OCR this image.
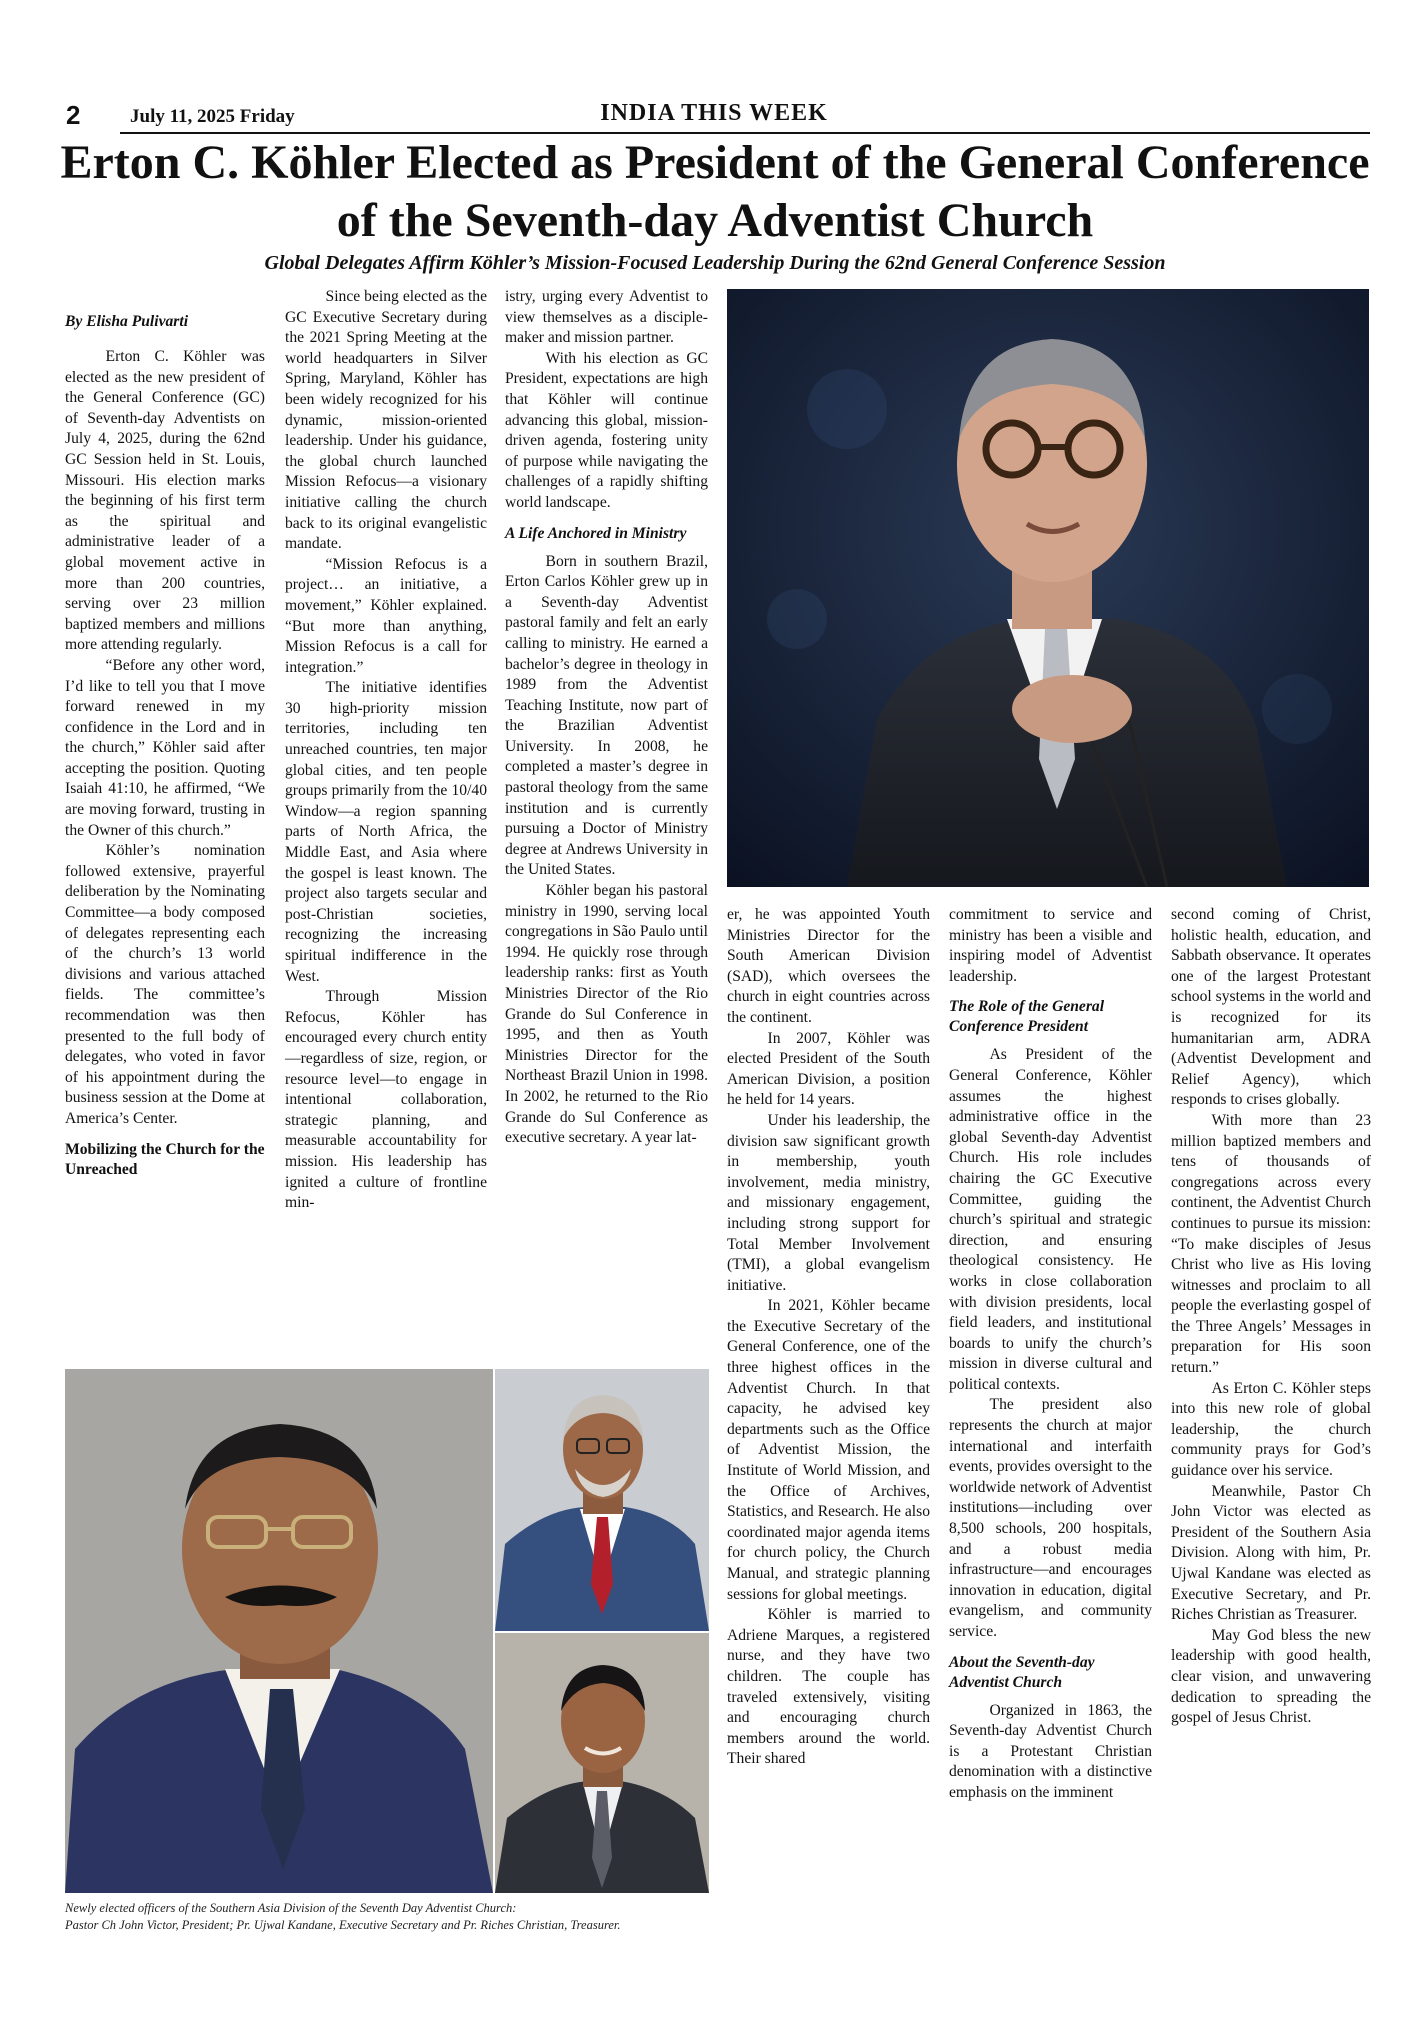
2	July 11, 2025 Friday	INDIA THIS WEEK
Erton C. Köhler Elected as President of the General Conference of the Seventh-day Adventist Church
Global Delegates Affirm Köhler’s Mission-Focused Leadership During the 62nd General Conference Session

By Elisha Pulivarti

Erton C. Köhler was elected as the new president of the General Conference (GC) of Seventh-day Adventists on July 4, 2025, during the 62nd GC Session held in St. Louis, Missouri. His election marks the beginning of his first term as the spiritual and administrative leader of a global movement active in more than 200 countries, serving over 23 million baptized members and millions more attending regularly.

“Before any other word, I’d like to tell you that I move forward renewed in my confidence in the Lord and in the church,” Köhler said after accepting the position. Quoting Isaiah 41:10, he affirmed, “We are moving forward, trusting in the Owner of this church.”

Köhler’s nomination followed extensive, prayerful deliberation by the Nominating Committee—a body composed of delegates representing each of the church’s 13 world divisions and various attached fields. The committee’s recommendation was then presented to the full body of delegates, who voted in favor of his appointment during the business session at the Dome at America’s Center.

Mobilizing the Church for the Unreached

Since being elected as the GC Executive Secretary during the 2021 Spring Meeting at the world headquarters in Silver Spring, Maryland, Köhler has been widely recognized for his dynamic, mission-oriented leadership. Under his guidance, the global church launched Mission Refocus—a visionary initiative calling the church back to its original evangelistic mandate.

“Mission Refocus is a project… an initiative, a movement,” Köhler explained. “But more than anything, Mission Refocus is a call for integration.”

The initiative identifies 30 high-priority mission territories, including ten unreached countries, ten major global cities, and ten people groups primarily from the 10/40 Window—a region spanning parts of North Africa, the Middle East, and Asia where the gospel is least known. The project also targets secular and post-Christian societies, recognizing the increasing spiritual indifference in the West.

Through Mission Refocus, Köhler has encouraged every church entity—regardless of size, region, or resource level—to engage in intentional collaboration, strategic planning, and measurable accountability for mission. His leadership has ignited a culture of frontline min-

istry, urging every Adventist to view themselves as a disciple-maker and mission partner.

With his election as GC President, expectations are high that Köhler will continue advancing this global, mission-driven agenda, fostering unity of purpose while navigating the challenges of a rapidly shifting world landscape.

A Life Anchored in Ministry

Born in southern Brazil, Erton Carlos Köhler grew up in a Seventh-day Adventist pastoral family and felt an early calling to ministry. He earned a bachelor’s degree in theology in 1989 from the Adventist Teaching Institute, now part of the Brazilian Adventist University. In 2008, he completed a master’s degree in pastoral theology from the same institution and is currently pursuing a Doctor of Ministry degree at Andrews University in the United States.

Köhler began his pastoral ministry in 1990, serving local congregations in São Paulo until 1994. He quickly rose through leadership ranks: first as Youth Ministries Director of the Rio Grande do Sul Conference in 1995, and then as Youth Ministries Director for the Northeast Brazil Union in 1998. In 2002, he returned to the Rio Grande do Sul Conference as executive secretary. A year lat-

er, he was appointed Youth Ministries Director for the South American Division (SAD), which oversees the church in eight countries across the continent.

In 2007, Köhler was elected President of the South American Division, a position he held for 14 years.

Under his leadership, the division saw significant growth in membership, youth involvement, media ministry, and missionary engagement, including strong support for Total Member Involvement (TMI), a global evangelism initiative.

In 2021, Köhler became the Executive Secretary of the General Conference, one of the three highest offices in the Adventist Church. In that capacity, he advised key departments such as the Office of Adventist Mission, the Institute of World Mission, and the Office of Archives, Statistics, and Research. He also coordinated major agenda items for church policy, the Church Manual, and strategic planning sessions for global meetings.

Köhler is married to Adriene Marques, a registered nurse, and they have two children. The couple has traveled extensively, visiting and encouraging church members around the world. Their shared

commitment to service and ministry has been a visible and inspiring model of Adventist leadership.

The Role of the General Conference President

As President of the General Conference, Köhler assumes the highest administrative office in the global Seventh-day Adventist Church. His role includes chairing the GC Executive Committee, guiding the church’s spiritual and strategic direction, and ensuring theological consistency. He works in close collaboration with division presidents, local field leaders, and institutional boards to unify the church’s mission in diverse cultural and political contexts.

The president also represents the church at major international and interfaith events, provides oversight to the worldwide network of Adventist institutions—including over 8,500 schools, 200 hospitals, and a robust media infrastructure—and encourages innovation in education, digital evangelism, and community service.

About the Seventh-day Adventist Church

Organized in 1863, the Seventh-day Adventist Church is a Protestant Christian denomination with a distinctive emphasis on the imminent

second coming of Christ, holistic health, education, and Sabbath observance. It operates one of the largest Protestant school systems in the world and is recognized for its humanitarian arm, ADRA (Adventist Development and Relief Agency), which responds to crises globally.

With more than 23 million baptized members and tens of thousands of congregations across every continent, the Adventist Church continues to pursue its mission: “To make disciples of Jesus Christ who live as His loving witnesses and proclaim to all people the everlasting gospel of the Three Angels’ Messages in preparation for His soon return.”

As Erton C. Köhler steps into this new role of global leadership, the church community prays for God’s guidance over his service.

Meanwhile, Pastor Ch John Victor was elected as President of the Southern Asia Division. Along with him, Pr. Ujwal Kandane was elected as Executive Secretary, and Pr. Riches Christian as Treasurer.

May God bless the new leadership with good health, clear vision, and unwavering dedication to spreading the gospel of Jesus Christ.

Newly elected officers of the Southern Asia Division of the Seventh Day Adventist Church:
Pastor Ch John Victor, President; Pr. Ujwal Kandane, Executive Secretary and Pr. Riches Christian, Treasurer.
